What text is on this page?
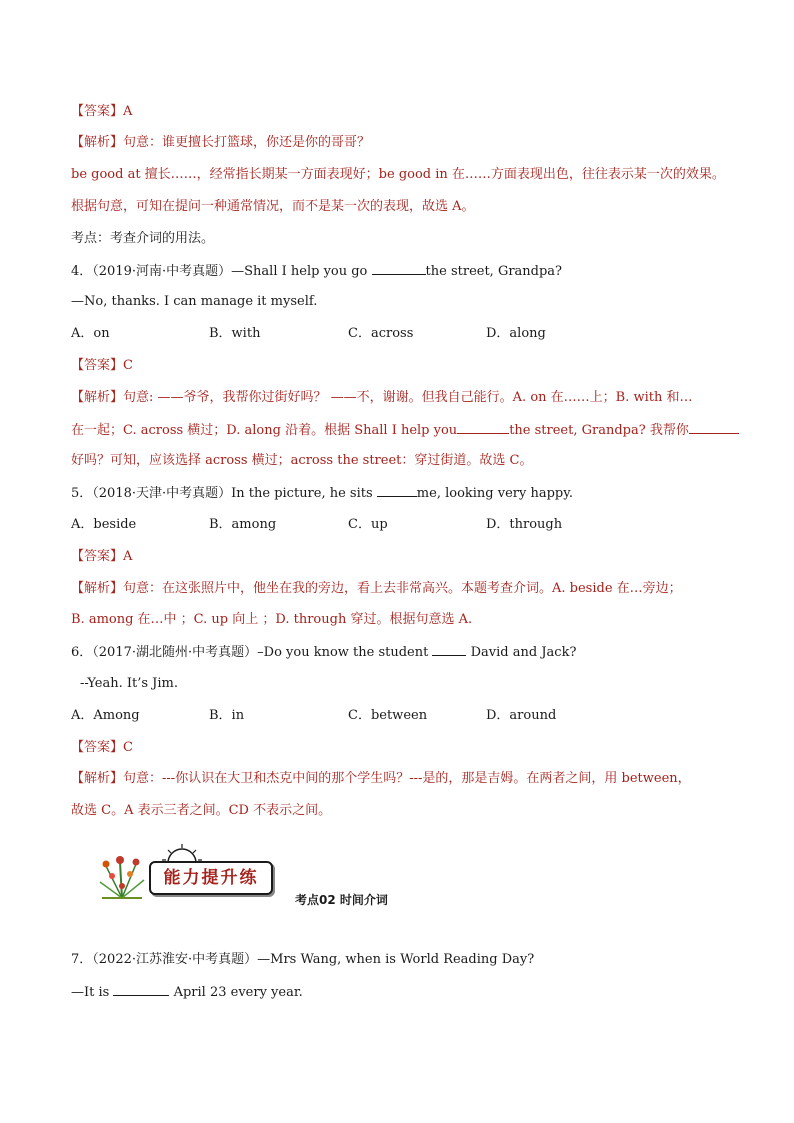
【答案】A
【解析】句意：谁更擅长打篮球，你还是你的哥哥？
be good at 擅长……，经常指长期某一方面表现好；be good in 在……方面表现出色，往往表示某一次的效果。
根据句意，可知在提问一种通常情况，而不是某一次的表现，故选 A。
考点：考查介词的用法。
4．（2019·河南·中考真题）—Shall I help you go	the street, Grandpa?
—No, thanks. I can manage it myself.
A．on	B．with	C．across	D．along
【答案】C
【解析】句意: ——爷爷，我帮你过街好吗？ ——不，谢谢。但我自己能行。A. on 在……上；B. with 和…
在一起；C. across 横过；D. along 沿着。根据 Shall I help you	the street, Grandpa? 我帮你
好吗？可知，应该选择 across 横过；across the street：穿过街道。故选 C。
5．（2018·天津·中考真题）In the picture, he sits	me, looking very happy.
A．beside	B．among	C．up	D．through
【答案】A
【解析】句意：在这张照片中，他坐在我的旁边，看上去非常高兴。本题考查介词。A. beside 在…旁边；
B. among 在…中 ；C. up 向上 ；D. through 穿过。根据句意选 A.
6．（2017·湖北随州·中考真题）–Do you know the student	David and Jack?
--Yeah. It’s Jim.
A．Among	B．in	C．between	D．around
【答案】C
【解析】句意：---你认识在大卫和杰克中间的那个学生吗？---是的，那是吉姆。在两者之间，用 between，
故选 C。A 表示三者之间。CD 不表示之间。
能力提升练
考点02 时间介词
7．（2022·江苏淮安·中考真题）—Mrs Wang, when is World Reading Day?
—It is	April 23 every year.
